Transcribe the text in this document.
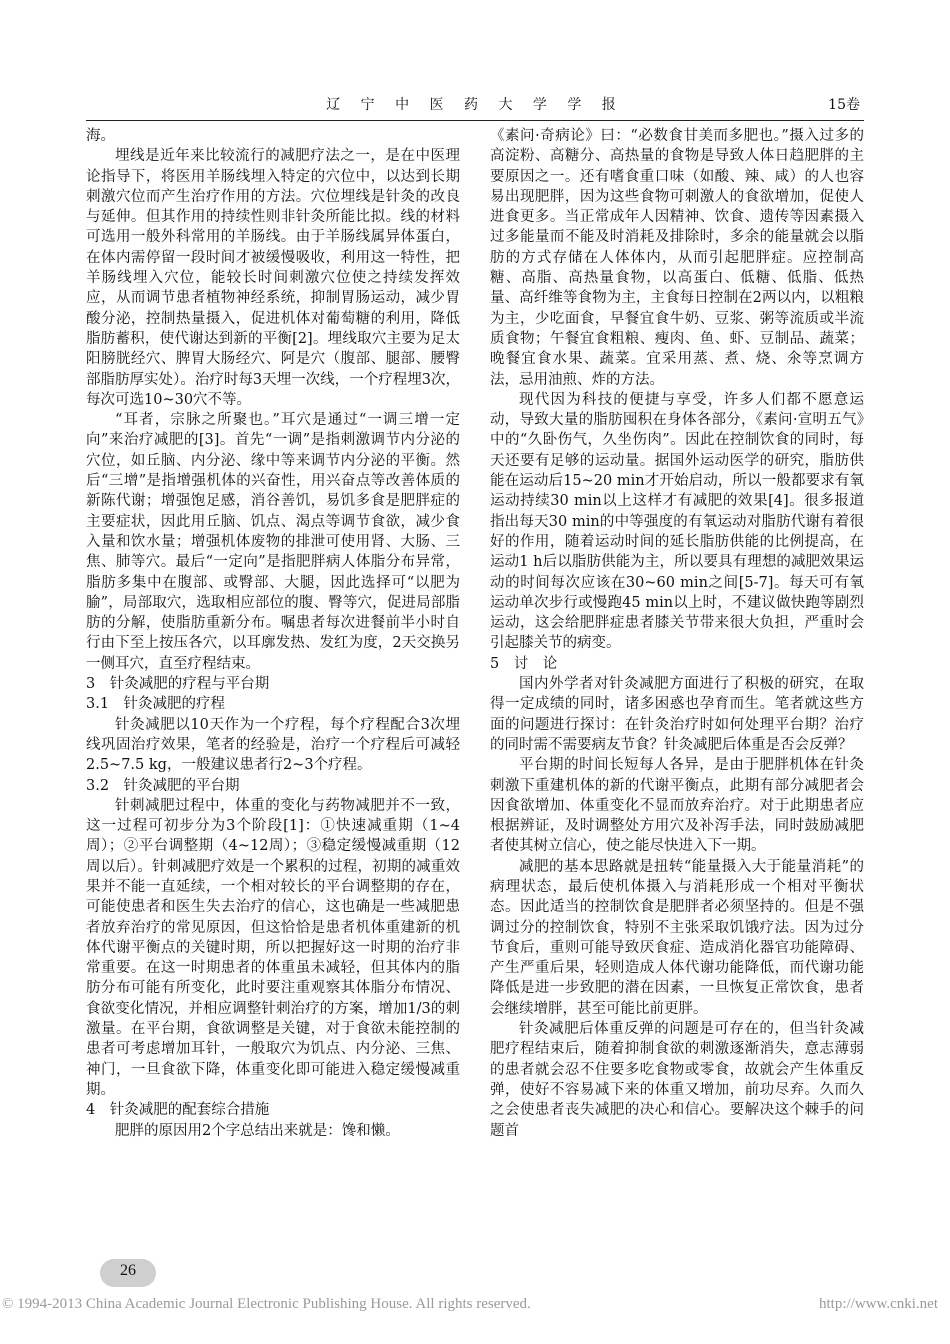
辽 宁 中 医 药 大 学 学 报	15卷

海。

埋线是近年来比较流行的减肥疗法之一，是在中医理论指导下，将医用羊肠线埋入特定的穴位中，以达到长期刺激穴位而产生治疗作用的方法。穴位埋线是针灸的改良与延伸。但其作用的持续性则非针灸所能比拟。线的材料可选用一般外科常用的羊肠线。由于羊肠线属异体蛋白，在体内需停留一段时间才被缓慢吸收，利用这一特性，把羊肠线埋入穴位，能较长时间刺激穴位使之持续发挥效应，从而调节患者植物神经系统，抑制胃肠运动，减少胃酸分泌，控制热量摄入，促进机体对葡萄糖的利用，降低脂肪蓄积，使代谢达到新的平衡[2]。埋线取穴主要为足太阳膀胱经穴、脾胃大肠经穴、阿是穴（腹部、腿部、腰臀部脂肪厚实处）。治疗时每3天埋一次线，一个疗程埋3次，每次可选10~30穴不等。

“耳者，宗脉之所聚也。”耳穴是通过“一调三增一定向”来治疗减肥的[3]。首先“一调”是指刺激调节内分泌的穴位，如丘脑、内分泌、缘中等来调节内分泌的平衡。然后“三增”是指增强机体的兴奋性，用兴奋点等改善体质的新陈代谢；增强饱足感，消谷善饥，易饥多食是肥胖症的主要症状，因此用丘脑、饥点、渴点等调节食欲，减少食入量和饮水量；增强机体废物的排泄可使用肾、大肠、三焦、肺等穴。最后“一定向”是指肥胖病人体脂分布异常，脂肪多集中在腹部、或臀部、大腿，因此选择可“以肥为腧”，局部取穴，选取相应部位的腹、臀等穴，促进局部脂肪的分解，使脂肪重新分布。嘱患者每次进餐前半小时自行由下至上按压各穴，以耳廓发热、发红为度，2天交换另一侧耳穴，直至疗程结束。

3　针灸减肥的疗程与平台期

3.1　针灸减肥的疗程

针灸减肥以10天作为一个疗程，每个疗程配合3次埋线巩固治疗效果，笔者的经验是，治疗一个疗程后可减轻2.5~7.5 kg，一般建议患者行2~3个疗程。

3.2　针灸减肥的平台期

针刺减肥过程中，体重的变化与药物减肥并不一致，这一过程可初步分为3个阶段[1]：①快速减重期（1~4周）；②平台调整期（4~12周）；③稳定缓慢减重期（12周以后）。针刺减肥疗效是一个累积的过程，初期的减重效果并不能一直延续，一个相对较长的平台调整期的存在，可能使患者和医生失去治疗的信心，这也确是一些减肥患者放弃治疗的常见原因，但这恰恰是患者机体重建新的机体代谢平衡点的关键时期，所以把握好这一时期的治疗非常重要。在这一时期患者的体重虽未减轻，但其体内的脂肪分布可能有所变化，此时要注重观察其体脂分布情况、食欲变化情况，并相应调整针刺治疗的方案，增加1/3的刺激量。在平台期，食欲调整是关键，对于食欲未能控制的患者可考虑增加耳针，一般取穴为饥点、内分泌、三焦、神门，一旦食欲下降，体重变化即可能进入稳定缓慢减重期。

4　针灸减肥的配套综合措施

肥胖的原因用2个字总结出来就是：馋和懒。

《素问·奇病论》曰：“必数食甘美而多肥也。”摄入过多的高淀粉、高糖分、高热量的食物是导致人体日趋肥胖的主要原因之一。还有嗜食重口味（如酸、辣、咸）的人也容易出现肥胖，因为这些食物可刺激人的食欲增加，促使人进食更多。当正常成年人因精神、饮食、遗传等因素摄入过多能量而不能及时消耗及排除时，多余的能量就会以脂肪的方式存储在人体体内，从而引起肥胖症。应控制高糖、高脂、高热量食物，以高蛋白、低糖、低脂、低热量、高纤维等食物为主，主食每日控制在2两以内，以粗粮为主，少吃面食，早餐宜食牛奶、豆浆、粥等流质或半流质食物；午餐宜食粗粮、瘦肉、鱼、虾、豆制品、蔬菜；晚餐宜食水果、蔬菜。宜采用蒸、煮、烧、氽等烹调方法，忌用油煎、炸的方法。

现代因为科技的便捷与享受，许多人们都不愿意运动，导致大量的脂肪囤积在身体各部分，《素问·宣明五气》中的“久卧伤气，久坐伤肉”。因此在控制饮食的同时，每天还要有足够的运动量。据国外运动医学的研究，脂肪供能在运动后15~20 min才开始启动，所以一般都要求有氧运动持续30 min以上这样才有减肥的效果[4]。很多报道指出每天30 min的中等强度的有氧运动对脂肪代谢有着很好的作用，随着运动时间的延长脂肪供能的比例提高，在运动1 h后以脂肪供能为主，所以要具有理想的减肥效果运动的时间每次应该在30~60 min之间[5-7]。每天可有氧运动单次步行或慢跑45 min以上时，不建议做快跑等剧烈运动，这会给肥胖症患者膝关节带来很大负担，严重时会引起膝关节的病变。

5　讨　论

国内外学者对针灸减肥方面进行了积极的研究，在取得一定成绩的同时，诸多困惑也孕育而生。笔者就这些方面的问题进行探讨：在针灸治疗时如何处理平台期？治疗的同时需不需要病友节食？针灸减肥后体重是否会反弹？

平台期的时间长短每人各异，是由于肥胖机体在针灸刺激下重建机体的新的代谢平衡点，此期有部分减肥者会因食欲增加、体重变化不显而放弃治疗。对于此期患者应根据辨证，及时调整处方用穴及补泻手法，同时鼓励减肥者使其树立信心，使之能尽快进入下一期。

减肥的基本思路就是扭转“能量摄入大于能量消耗”的病理状态，最后使机体摄入与消耗形成一个相对平衡状态。因此适当的控制饮食是肥胖者必须坚持的。但是不强调过分的控制饮食，特别不主张采取饥饿疗法。因为过分节食后，重则可能导致厌食症、造成消化器官功能障碍、产生严重后果，轻则造成人体代谢功能降低，而代谢功能降低是进一步致肥的潜在因素，一旦恢复正常饮食，患者会继续增胖，甚至可能比前更胖。

针灸减肥后体重反弹的问题是可存在的，但当针灸减肥疗程结束后，随着抑制食欲的刺激逐渐消失，意志薄弱的患者就会忍不住要多吃食物或零食，故就会产生体重反弹，使好不容易减下来的体重又增加，前功尽弃。久而久之会使患者丧失减肥的决心和信心。要解决这个棘手的问题首

26
© 1994-2013 China Academic Journal Electronic Publishing House. All rights reserved.	http://www.cnki.net
